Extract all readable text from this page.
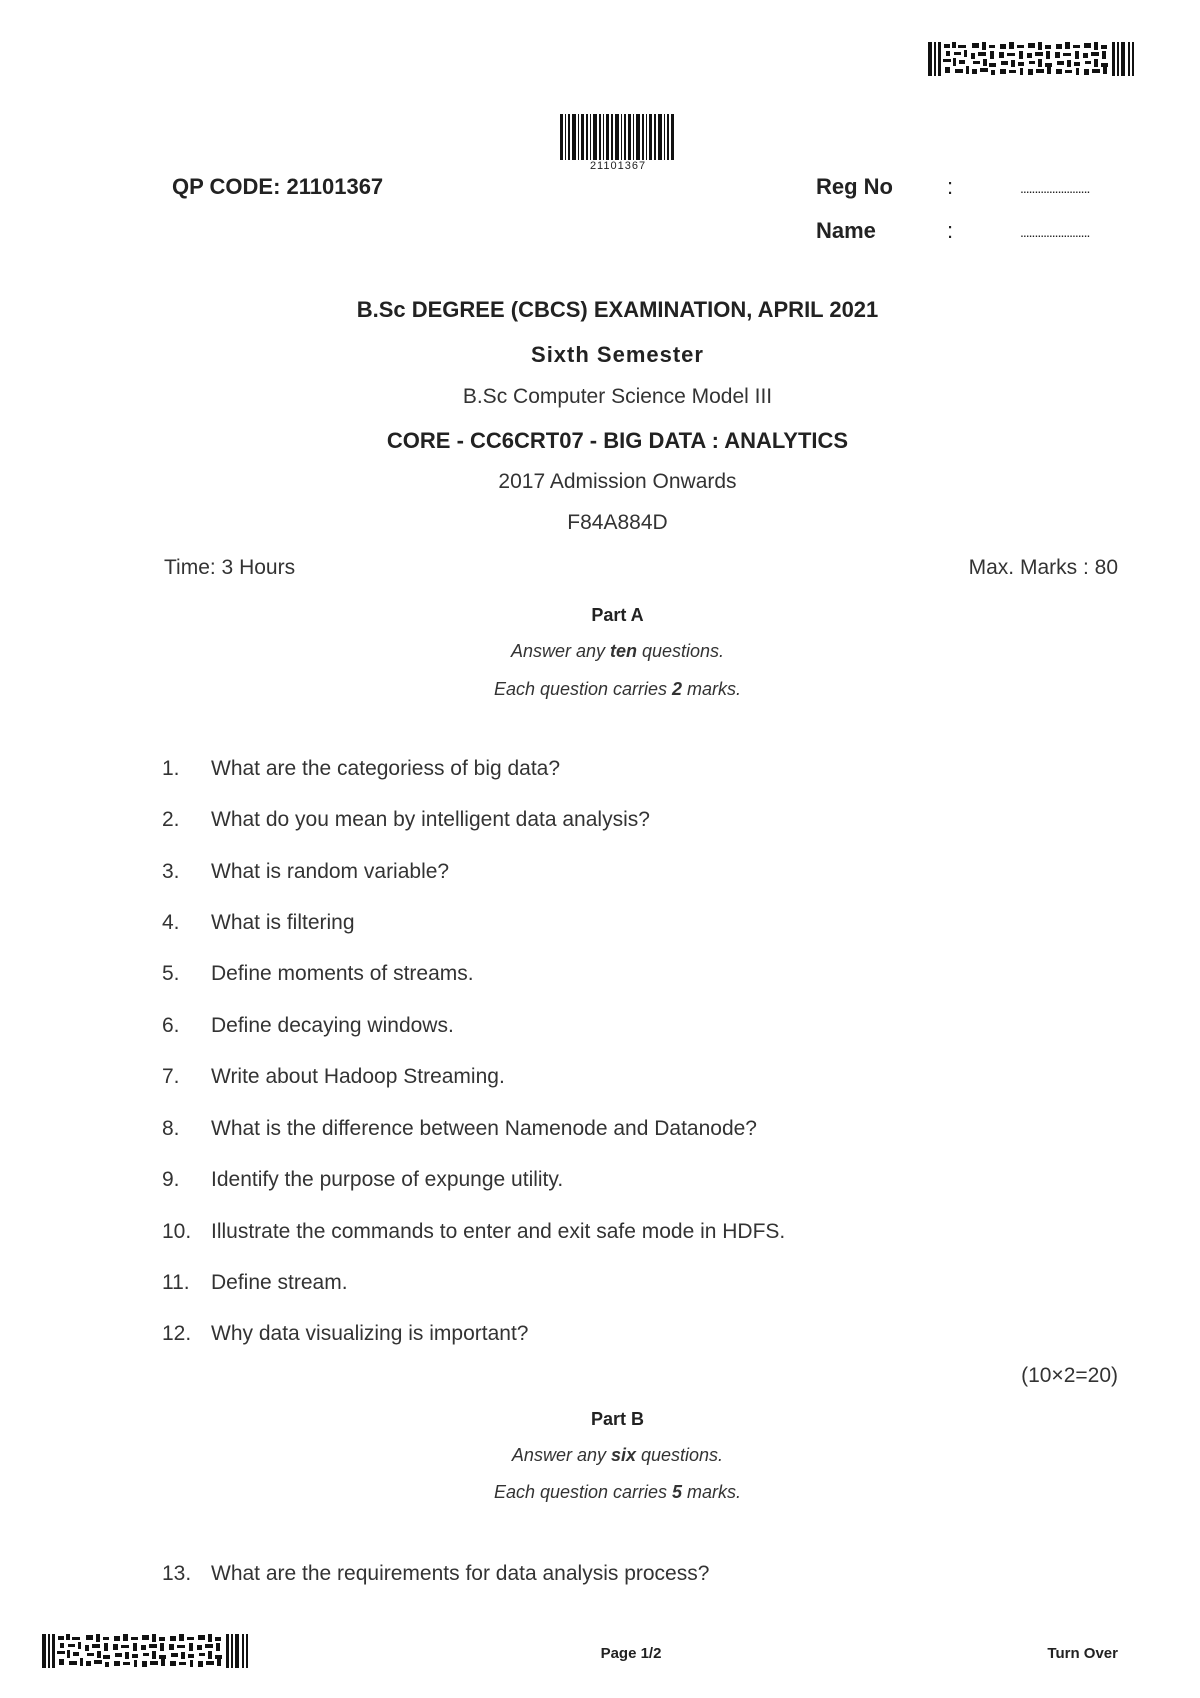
21101367
QP CODE: 21101367	Reg No :	........................
Name	:	........................
B.Sc DEGREE (CBCS) EXAMINATION, APRIL 2021
Sixth Semester
B.Sc Computer Science Model III
CORE - CC6CRT07 - BIG DATA : ANALYTICS
2017 Admission Onwards
F84A884D
Time: 3 Hours	Max. Marks : 80
Part A
Answer any ten questions.
Each question carries 2 marks.
1.	What are the categoriess of big data?
2.	What do you mean by intelligent data analysis?
3.	What is random variable?
4.	What is filtering
5.	Define moments of streams.
6.	Define decaying windows.
7.	Write about Hadoop Streaming.
8.	What is the difference between Namenode and Datanode?
9.	Identify the purpose of expunge utility.
10. Illustrate the commands to enter and exit safe mode in HDFS.
11.	Define stream.
12. Why data visualizing is important?
(10×2=20)
Part B
Answer any six questions.
Each question carries 5 marks.
13. What are the requirements for data analysis process?
Page 1/2	Turn Over
